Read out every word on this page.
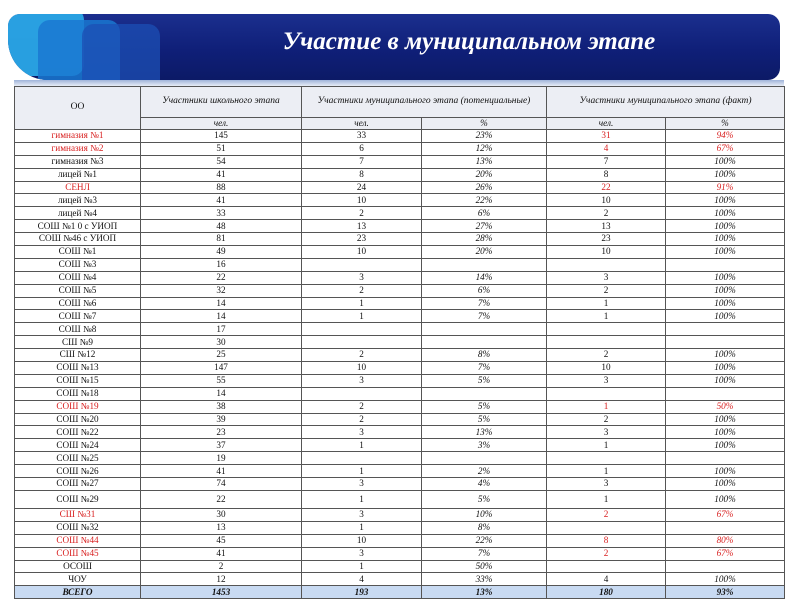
Участие в муниципальном этапе
ОО	Участники школьного этапа	Участники муниципального этапа (потенциальные)		Участники муниципального этапа (факт)	
	чел.	чел.	%	чел.	%
гимназия №1	145	33	23%	31	94%
гимназия №2	51	6	12%	4	67%
гимназия №3	54	7	13%	7	100%
лицей №1	41	8	20%	8	100%
СЕНЛ	88	24	26%	22	91%
лицей №3	41	10	22%	10	100%
лицей №4	33	2	6%	2	100%
СОШ №1 0 с УИОП	48	13	27%	13	100%
СОШ №46 с УИОП	81	23	28%	23	100%
СОШ №1	49	10	20%	10	100%
СОШ №3	16				
СОШ №4	22	3	14%	3	100%
СОШ №5	32	2	6%	2	100%
СОШ №6	14	1	7%	1	100%
СОШ №7	14	1	7%	1	100%
СОШ №8	17				
СШ №9	30				
СШ №12	25	2	8%	2	100%
СОШ №13	147	10	7%	10	100%
СОШ №15	55	3	5%	3	100%
СОШ №18	14				
СОШ №19	38	2	5%	1	50%
СОШ №20	39	2	5%	2	100%
СОШ №22	23	3	13%	3	100%
СОШ №24	37	1	3%	1	100%
СОШ №25	19				
СОШ №26	41	1	2%	1	100%
СОШ №27	74	3	4%	3	100%
СОШ №29	22	1	5%	1	100%
СШ №31	30	3	10%	2	67%
СОШ №32	13	1	8%		
СОШ №44	45	10	22%	8	80%
СОШ №45	41	3	7%	2	67%
ОСОШ	2	1	50%		
ЧОУ	12	4	33%	4	100%
ВСЕГО	1453	193	13%	180	93%
